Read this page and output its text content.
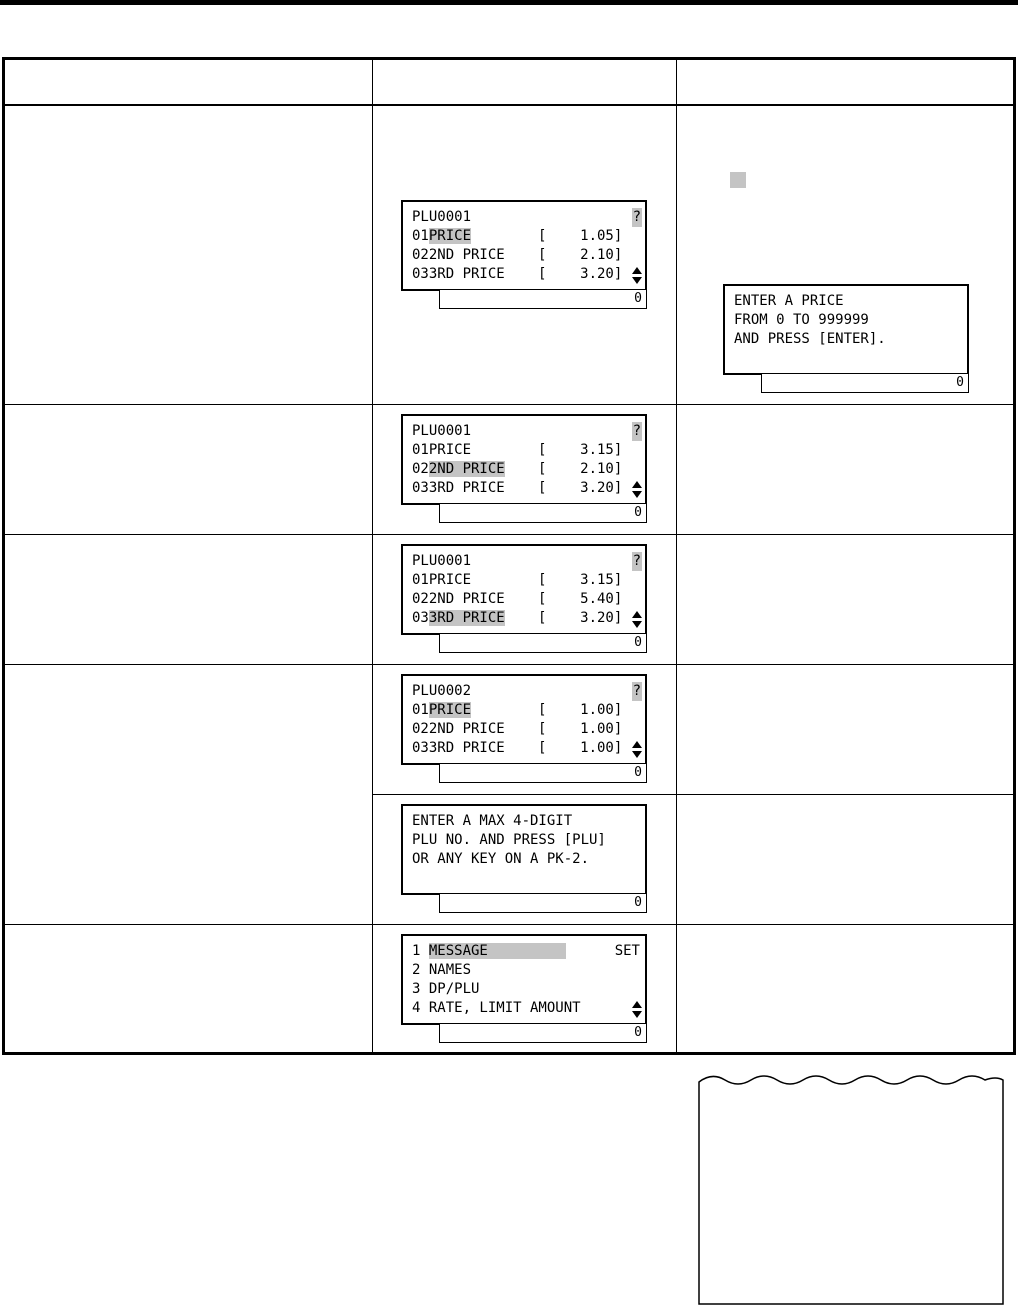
PLU0001	?
01PRICE	[    1.05]
022ND PRICE [    2.10]
033RD PRICE [    3.20]
0	ENTER A PRICE
FROM 0 TO 999999
AND PRESS [ENTER].
0
PLU0001	?
01PRICE	[    3.15]
022ND PRICE [    2.10]
033RD PRICE [    3.20]
0
PLU0001	?
01PRICE	[    3.15]
022ND PRICE [    5.40]
033RD PRICE [    3.20]
0
PLU0002	?
01PRICE	[    1.00]
022ND PRICE [    1.00]
033RD PRICE [    1.00]
0
ENTER A MAX 4-DIGIT
PLU NO. AND PRESS [PLU]
OR ANY KEY ON A PK-2.
0
1 MESSAGE	SET
2 NAMES
3 DP/PLU
4 RATE, LIMIT AMOUNT
0
